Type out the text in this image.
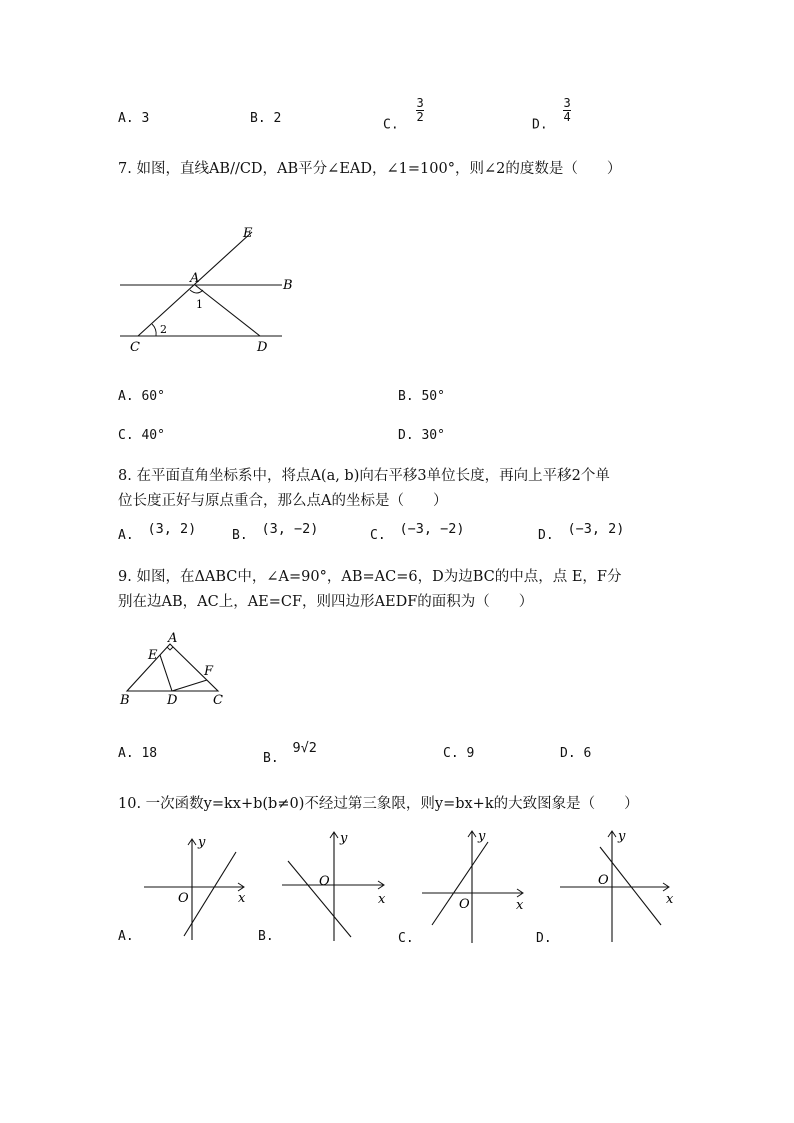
A. 3	B. 2	C.
$\frac{3}{2}$
D.
$\frac{3}{4}$
7. 如图，直线AB//CD，AB平分∠EAD，∠1=100°，则∠2的度数是（　　）
E
A	B
C	D
1
2
A. 60°	B. 50°
C. 40°	D. 30°
8. 在平面直角坐标系中，将点A(a, b)向右平移3单位长度，再向上平移2个单
位长度正好与原点重合，那么点A的坐标是（　　）
A. (3, 2)	B. (3, −2)	C. (−3, −2)	D. (−3, 2)
9. 如图，在ΔABC中，∠A=90°，AB=AC=6，D为边BC的中点，点 E，F分
别在边AB，AC上，AE=CF，则四边形AEDF的面积为（　　）
A
B	C
D
E
F
A. 18	B. 9√2	C. 9	D. 6
10. 一次函数y=kx+b(b≠0)不经过第三象限，则y=bx+k的大致图象是（　　）
y
x
O
A.
y
x
O
B.
y
x
O
C.
y
x
O
D.
